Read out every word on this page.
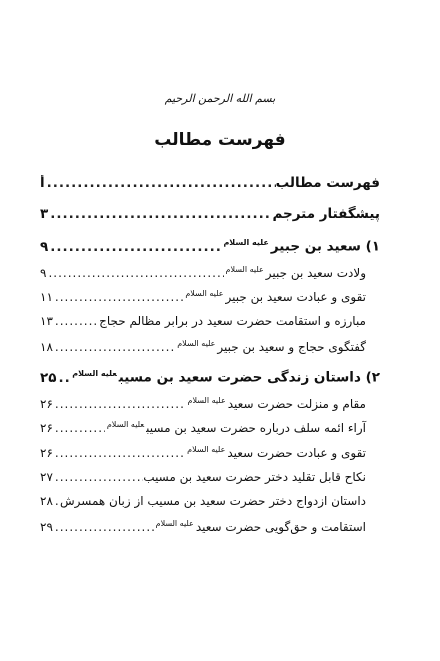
بسم الله الرحمن الرحیم
فهرست مطالب
فهرست مطالب
.....
أ
پیشگفتار مترجم
.....
۳
۱) سعید بن جبیر$^{علیه السلام}$
.....
۹
ولادت سعید بن جبیر$^{علیه السلام}$
.....
۹
تقوی و عبادت سعید بن جبیر$^{علیه السلام}$
.....
۱۱
مبارزه و استقامت حضرت سعید در برابر مظالم حجاج
.....
۱۳
گفتگوی حجاج و سعید بن جبیر$^{علیه السلام}$
.....
۱۸
۲) داستان زندگی حضرت سعید بن مسیب$^{علیه السلام}$
.....
۲۵
مقام و منزلت حضرت سعید$^{علیه السلام}$
.....
۲۶
آراء ائمه سلف درباره حضرت سعید بن مسیب$^{علیه السلام}$
.....
۲۶
تقوی و عبادت حضرت سعید$^{علیه السلام}$
.....
۲۶
نکاح قابل تقلید دختر حضرت سعید بن مسیب
.....
۲۷
داستان ازدواج دختر حضرت سعید بن مسیب از زبان همسرش
.....
۲۸
استقامت و حق‌گویی حضرت سعید$^{علیه السلام}$
.....
۲۹
